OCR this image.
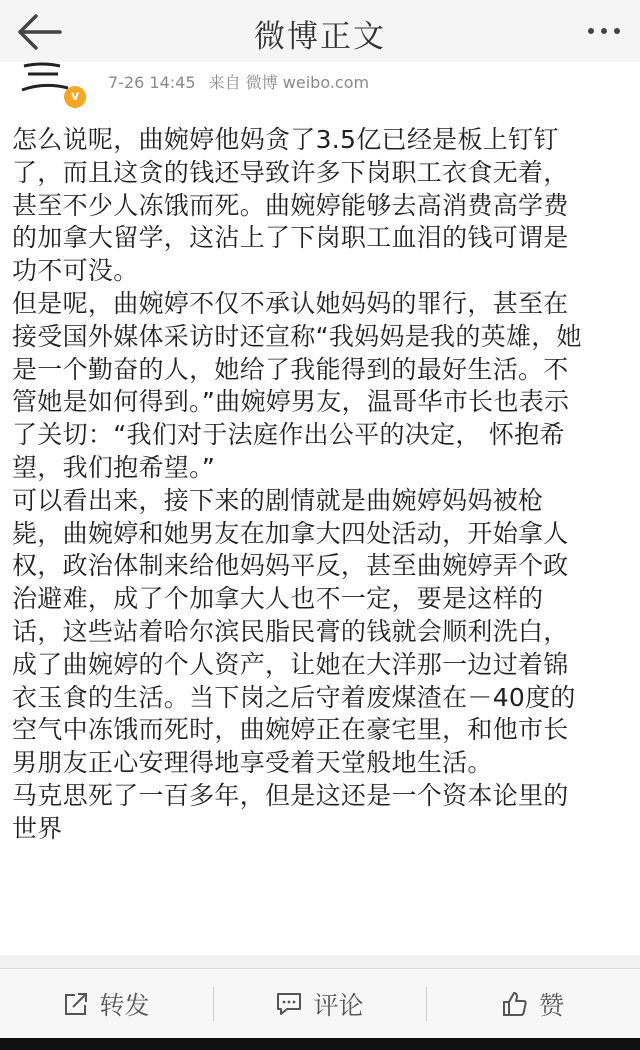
微博正文
v
7-26 14:45 来自 微博 weibo.com

怎么说呢，曲婉婷他妈贪了3.5亿已经是板上钉钉
了，而且这贪的钱还导致许多下岗职工衣食无着，
甚至不少人冻饿而死。曲婉婷能够去高消费高学费
的加拿大留学，这沾上了下岗职工血泪的钱可谓是
功不可没。

但是呢，曲婉婷不仅不承认她妈妈的罪行，甚至在
接受国外媒体采访时还宣称“我妈妈是我的英雄，她
是一个勤奋的人，她给了我能得到的最好生活。不
管她是如何得到。”曲婉婷男友，温哥华市长也表示
了关切：“我们对于法庭作出公平的决定， 怀抱希
望，我们抱希望。”

可以看出来，接下来的剧情就是曲婉婷妈妈被枪
毙，曲婉婷和她男友在加拿大四处活动，开始拿人
权，政治体制来给他妈妈平反，甚至曲婉婷弄个政
治避难，成了个加拿大人也不一定，要是这样的
话，这些站着哈尔滨民脂民膏的钱就会顺利洗白，
成了曲婉婷的个人资产，让她在大洋那一边过着锦
衣玉食的生活。当下岗之后守着废煤渣在－40度的
空气中冻饿而死时，曲婉婷正在豪宅里，和他市长
男朋友正心安理得地享受着天堂般地生活。

马克思死了一百多年，但是这还是一个资本论里的
世界

转发	评论	赞
